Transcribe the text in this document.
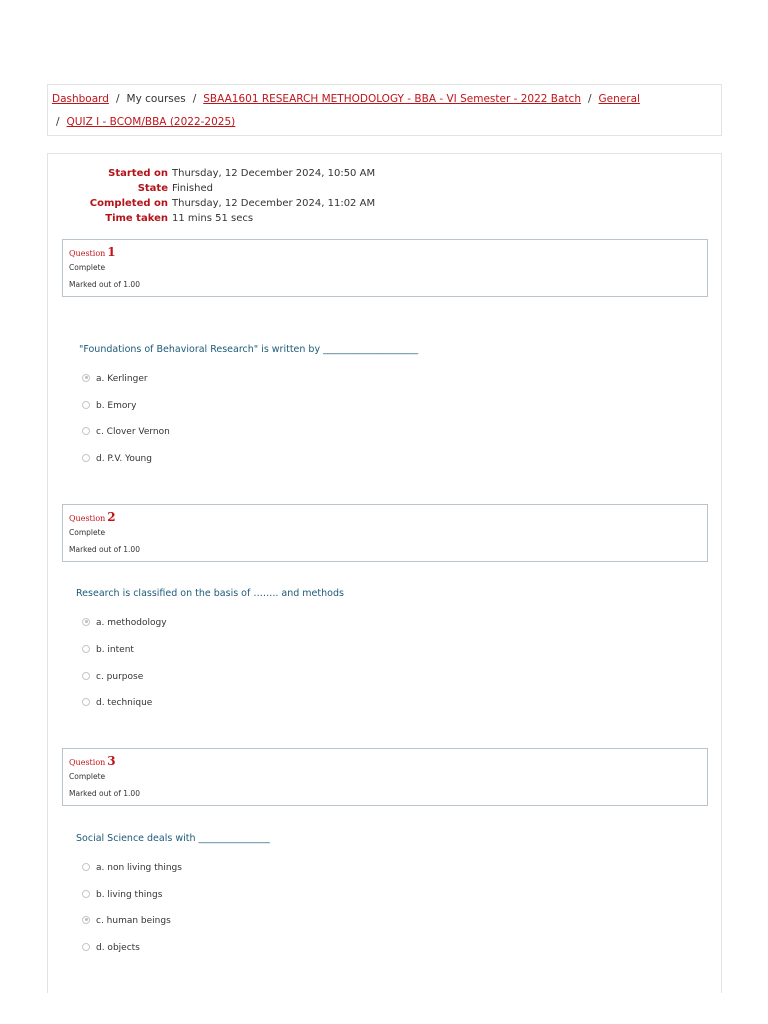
Dashboard / My courses / SBAA1601 RESEARCH METHODOLOGY - BBA - VI Semester - 2022 Batch / General
/ QUIZ I - BCOM/BBA (2022-2025)
Started on Thursday, 12 December 2024, 10:50 AM
State Finished
Completed on Thursday, 12 December 2024, 11:02 AM
Time taken 11 mins 51 secs
Question 1
Complete
Marked out of 1.00
"Foundations of Behavioral Research" is written by ____________________
a. Kerlinger
b. Emory
c. Clover Vernon
d. P.V. Young
Question 2
Complete
Marked out of 1.00
Research is classified on the basis of …….. and methods
a. methodology
b. intent
c. purpose
d. technique
Question 3
Complete
Marked out of 1.00
Social Science deals with _______________
a. non living things
b. living things
c. human beings
d. objects
